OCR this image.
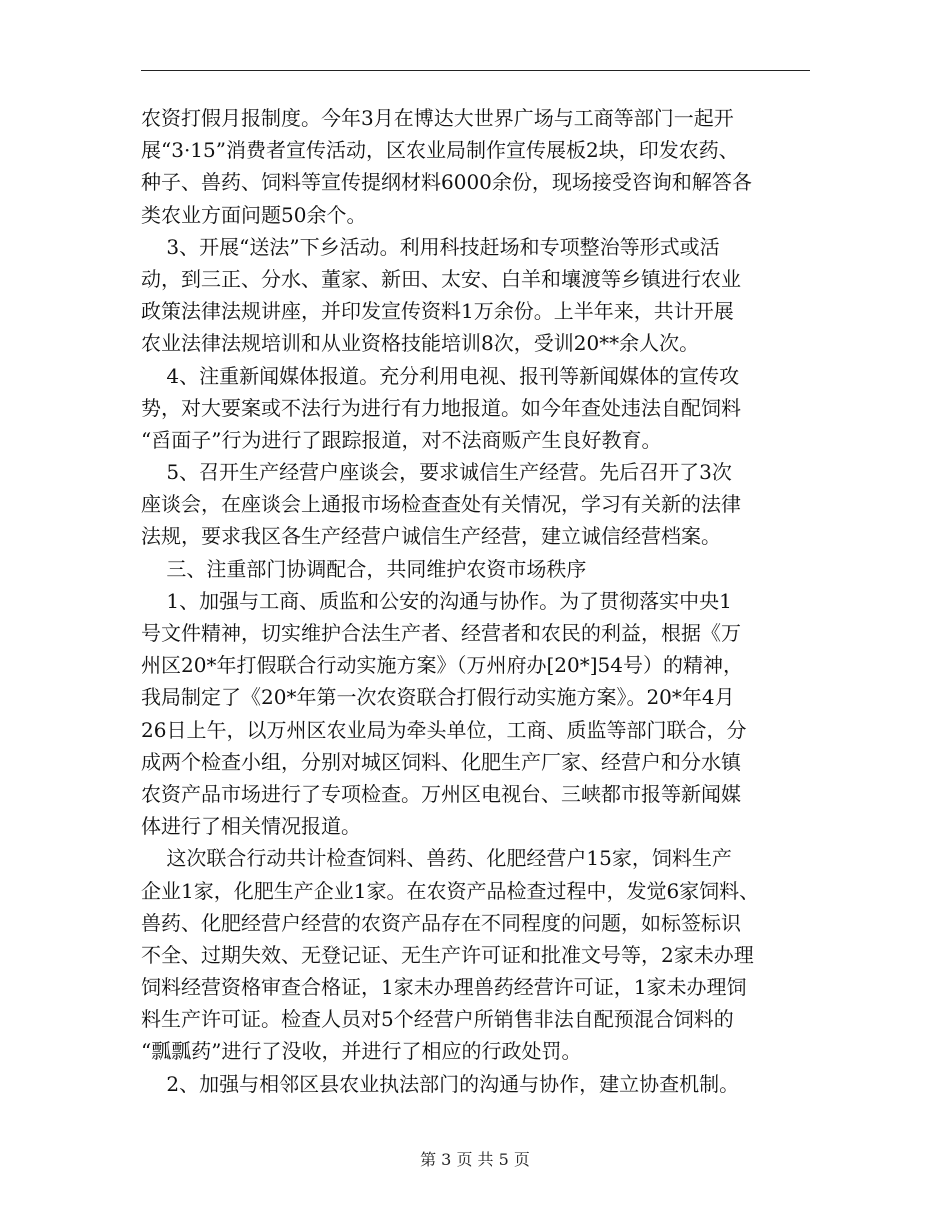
农资打假月报制度。今年3月在博达大世界广场与工商等部门一起开
展“3·15”消费者宣传活动，区农业局制作宣传展板2块，印发农药、
种子、兽药、饲料等宣传提纲材料6000余份，现场接受咨询和解答各
类农业方面问题50余个。
3、开展“送法”下乡活动。利用科技赶场和专项整治等形式或活
动，到三正、分水、董家、新田、太安、白羊和壤渡等乡镇进行农业
政策法律法规讲座，并印发宣传资料1万余份。上半年来，共计开展
农业法律法规培训和从业资格技能培训8次，受训20**余人次。
4、注重新闻媒体报道。充分利用电视、报刊等新闻媒体的宣传攻
势，对大要案或不法行为进行有力地报道。如今年查处违法自配饲料
“舀面子”行为进行了跟踪报道，对不法商贩产生良好教育。
5、召开生产经营户座谈会，要求诚信生产经营。先后召开了3次
座谈会，在座谈会上通报市场检查查处有关情况，学习有关新的法律
法规，要求我区各生产经营户诚信生产经营，建立诚信经营档案。
三、注重部门协调配合，共同维护农资市场秩序
1、加强与工商、质监和公安的沟通与协作。为了贯彻落实中央1
号文件精神，切实维护合法生产者、经营者和农民的利益，根据《万
州区20*年打假联合行动实施方案》（万州府办[20*]54号）的精神，
我局制定了《20*年第一次农资联合打假行动实施方案》。20*年4月
26日上午，以万州区农业局为牵头单位，工商、质监等部门联合，分
成两个检查小组，分别对城区饲料、化肥生产厂家、经营户和分水镇
农资产品市场进行了专项检查。万州区电视台、三峡都市报等新闻媒
体进行了相关情况报道。
这次联合行动共计检查饲料、兽药、化肥经营户15家，饲料生产
企业1家，化肥生产企业1家。在农资产品检查过程中，发觉6家饲料、
兽药、化肥经营户经营的农资产品存在不同程度的问题，如标签标识
不全、过期失效、无登记证、无生产许可证和批准文号等，2家未办理
饲料经营资格审查合格证，1家未办理兽药经营许可证，1家未办理饲
料生产许可证。检查人员对5个经营户所销售非法自配预混合饲料的
“瓢瓢药”进行了没收，并进行了相应的行政处罚。
2、加强与相邻区县农业执法部门的沟通与协作，建立协查机制。
第 3 页 共 5 页
